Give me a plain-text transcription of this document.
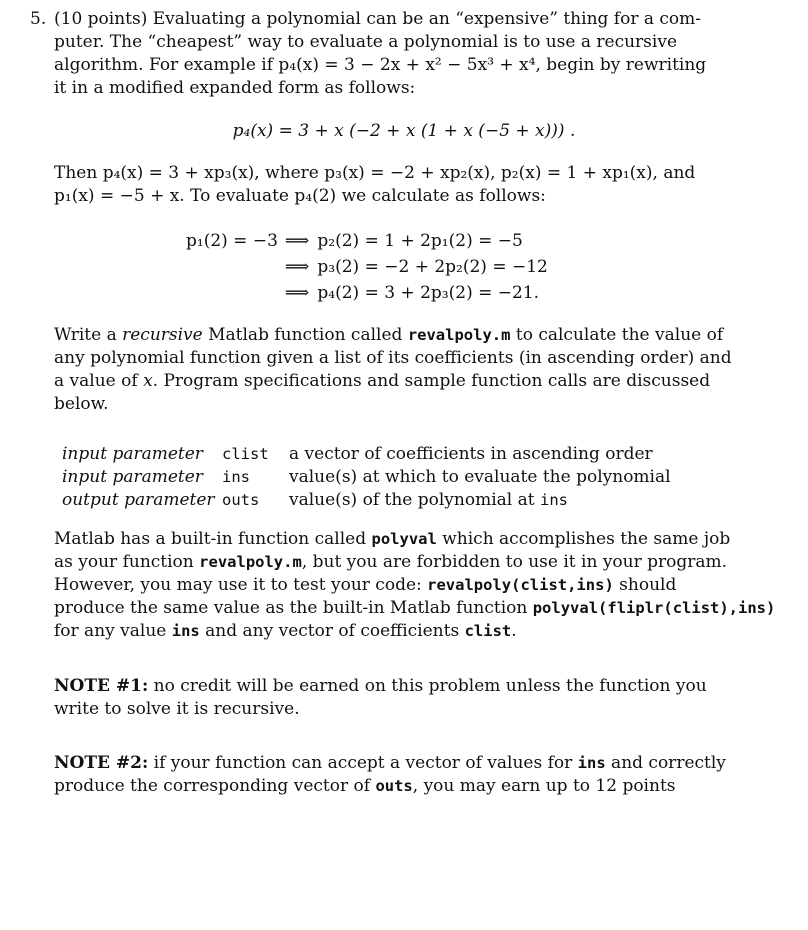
5. (10 points) Evaluating a polynomial can be an “expensive” thing for a com-
puter. The “cheapest” way to evaluate a polynomial is to use a recursive
algorithm. For example if p₄(x) = 3 − 2x + x² − 5x³ + x⁴, begin by rewriting
it in a modified expanded form as follows:
p₄(x) = 3 + x (−2 + x (1 + x (−5 + x))) .
Then p₄(x) = 3 + xp₃(x), where p₃(x) = −2 + xp₂(x), p₂(x) = 1 + xp₁(x), and
p₁(x) = −5 + x. To evaluate p₄(2) we calculate as follows:
p₁(2) = −3 ⟹ p₂(2) = 1 + 2p₁(2) = −5
⟹ p₃(2) = −2 + 2p₂(2) = −12
⟹ p₄(2) = 3 + 2p₃(2) = −21.
Write a recursive Matlab function called revalpoly.m to calculate the value of
any polynomial function given a list of its coefficients (in ascending order) and
a value of x. Program specifications and sample function calls are discussed
below.
input parameter	clist	a vector of coefficients in ascending order
input parameter	ins	value(s) at which to evaluate the polynomial
output parameter	outs	value(s) of the polynomial at ins
Matlab has a built-in function called polyval which accomplishes the same job
as your function revalpoly.m, but you are forbidden to use it in your program.
However, you may use it to test your code: revalpoly(clist,ins) should
produce the same value as the built-in Matlab function polyval(fliplr(clist),ins)
for any value ins and any vector of coefficients clist.
NOTE #1: no credit will be earned on this problem unless the function you
write to solve it is recursive.
NOTE #2: if your function can accept a vector of values for ins and correctly
produce the corresponding vector of outs, you may earn up to 12 points
